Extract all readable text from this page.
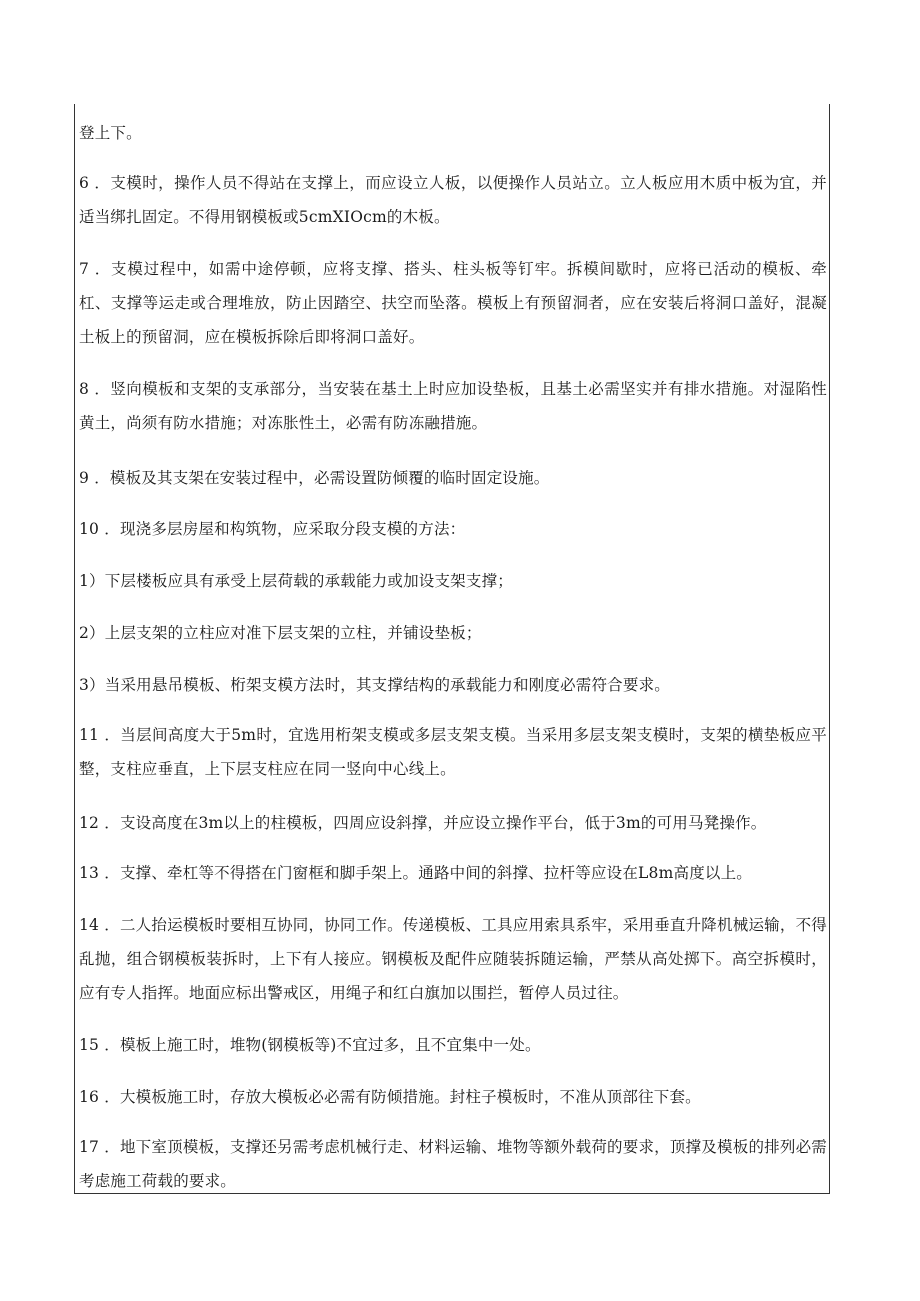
登上下。

6 ．支模时，操作人员不得站在支撑上，而应设立人板，以便操作人员站立。立人板应用木质中板为宜，并适当绑扎固定。不得用钢模板或5cmXIOcm的木板。

7 ．支模过程中，如需中途停顿，应将支撑、搭头、柱头板等钉牢。拆模间歇时，应将已活动的模板、牵杠、支撑等运走或合理堆放，防止因踏空、扶空而坠落。模板上有预留洞者，应在安装后将洞口盖好，混凝土板上的预留洞，应在模板拆除后即将洞口盖好。

8 ．竖向模板和支架的支承部分，当安装在基土上时应加设垫板，且基土必需坚实并有排水措施。对湿陷性黄土，尚须有防水措施；对冻胀性土，必需有防冻融措施。

9 ．模板及其支架在安装过程中，必需设置防倾覆的临时固定设施。

10 ．现浇多层房屋和构筑物，应采取分段支模的方法：

1）下层楼板应具有承受上层荷载的承载能力或加设支架支撑；

2）上层支架的立柱应对准下层支架的立柱，并铺设垫板；

3）当采用悬吊模板、桁架支模方法时，其支撑结构的承载能力和刚度必需符合要求。

11 ．当层间高度大于5m时，宜选用桁架支模或多层支架支模。当采用多层支架支模时，支架的横垫板应平整，支柱应垂直，上下层支柱应在同一竖向中心线上。

12 ．支设高度在3m以上的柱模板，四周应设斜撑，并应设立操作平台，低于3m的可用马凳操作。

13 ．支撑、牵杠等不得搭在门窗框和脚手架上。通路中间的斜撑、拉杆等应设在L8m高度以上。

14 ．二人抬运模板时要相互协同，协同工作。传递模板、工具应用索具系牢，采用垂直升降机械运输，不得乱抛，组合钢模板装拆时，上下有人接应。钢模板及配件应随装拆随运输，严禁从高处掷下。高空拆模时，应有专人指挥。地面应标出警戒区，用绳子和红白旗加以围拦，暂停人员过往。

15 ．模板上施工时，堆物(钢模板等)不宜过多，且不宜集中一处。

16 ．大模板施工时，存放大模板必必需有防倾措施。封柱子模板时，不准从顶部往下套。

17 ．地下室顶模板，支撑还另需考虑机械行走、材料运输、堆物等额外载荷的要求，顶撑及模板的排列必需考虑施工荷载的要求。
